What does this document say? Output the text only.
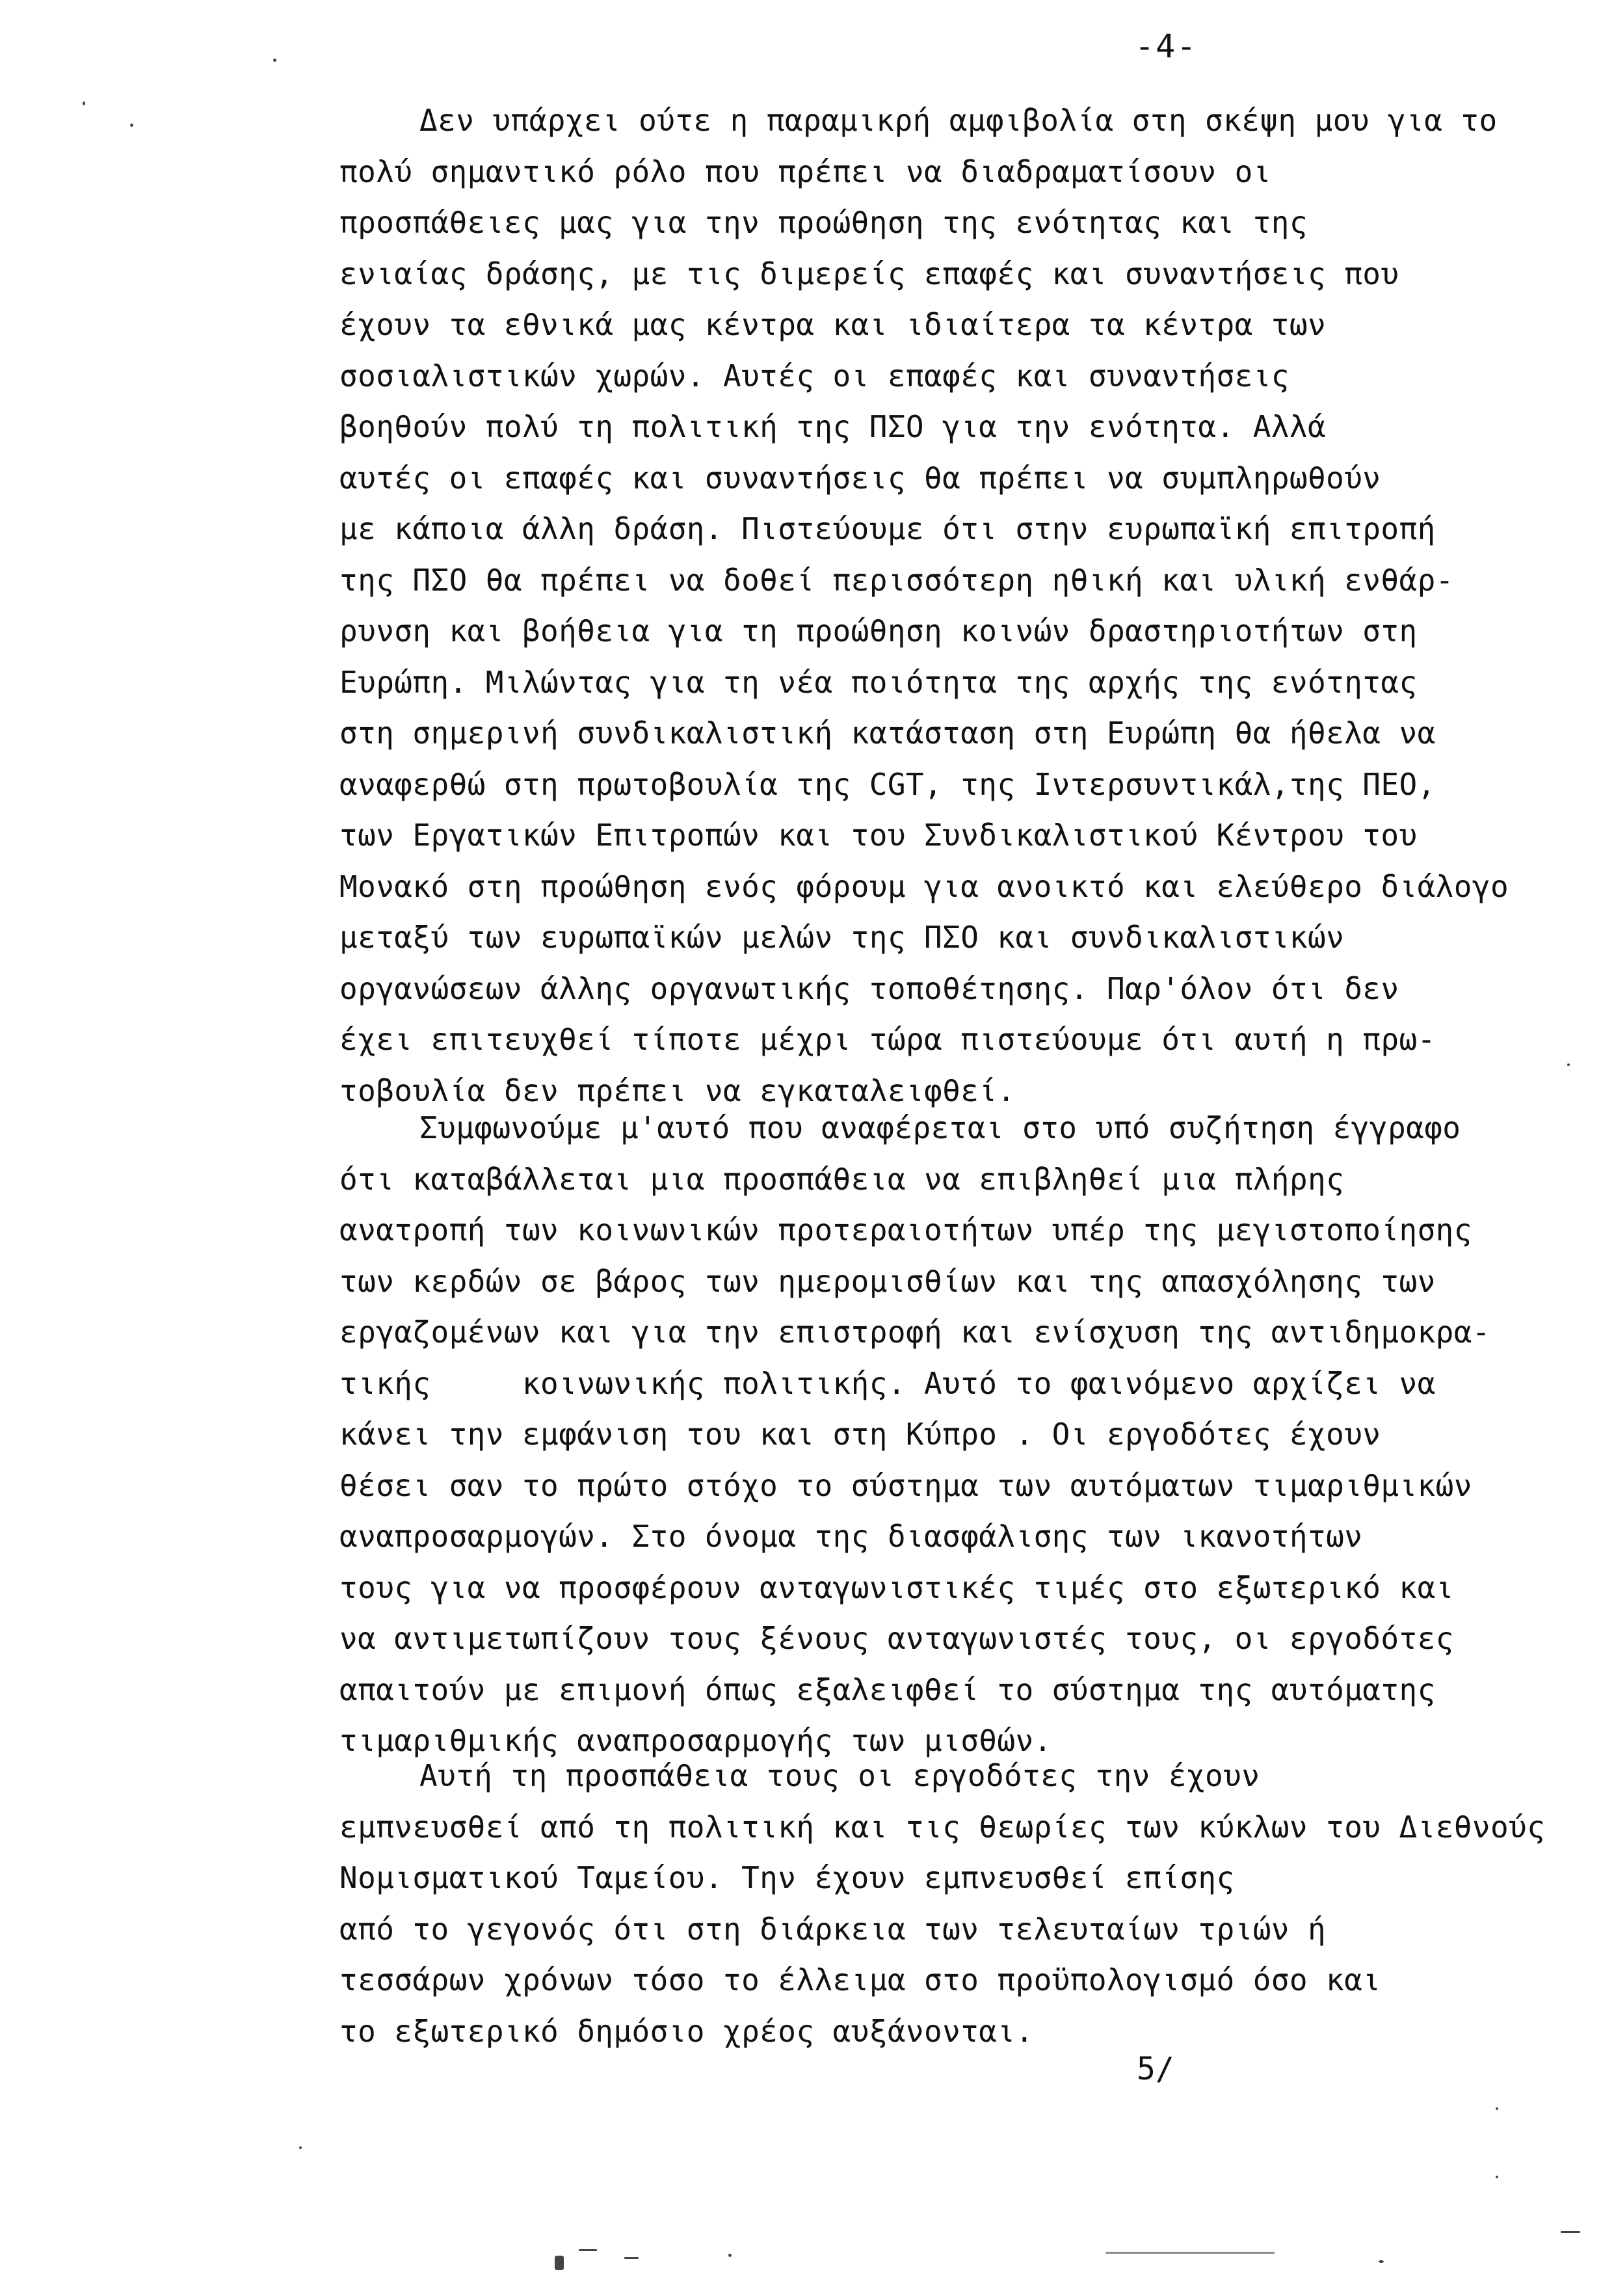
-4-
Δεν υπάρχει ούτε η παραμικρή αμφιβολία στη σκέψη μου για το
πολύ σημαντικό ρόλο που πρέπει να διαδραματίσουν οι
προσπάθειες μας για την προώθηση της ενότητας και της
ενιαίας δράσης, με τις διμερείς επαφές και συναντήσεις που
έχουν τα εθνικά μας κέντρα και ιδιαίτερα τα κέντρα των
σοσιαλιστικών χωρών. Αυτές οι επαφές και συναντήσεις
βοηθούν πολύ τη πολιτική της ΠΣΟ για την ενότητα. Αλλά
αυτές οι επαφές και συναντήσεις θα πρέπει να συμπληρωθούν
με κάποια άλλη δράση. Πιστεύουμε ότι στην ευρωπαϊκή επιτροπή
της ΠΣΟ θα πρέπει να δοθεί περισσότερη ηθική και υλική ενθάρ-
ρυνση και βοήθεια για τη προώθηση κοινών δραστηριοτήτων στη
Ευρώπη. Μιλώντας για τη νέα ποιότητα της αρχής της ενότητας
στη σημερινή συνδικαλιστική κατάσταση στη Ευρώπη θα ήθελα να
αναφερθώ στη πρωτοβουλία της CGT, της Ιντερσυντικάλ,της ΠΕΟ,
των Εργατικών Επιτροπών και του Συνδικαλιστικού Κέντρου του
Μονακό στη προώθηση ενός φόρουμ για ανοικτό και ελεύθερο διάλογο
μεταξύ των ευρωπαϊκών μελών της ΠΣΟ και συνδικαλιστικών
οργανώσεων άλλης οργανωτικής τοποθέτησης. Παρ'όλον ότι δεν
έχει επιτευχθεί τίποτε μέχρι τώρα πιστεύουμε ότι αυτή η πρω-
τοβουλία δεν πρέπει να εγκαταλειφθεί.
Συμφωνούμε μ'αυτό που αναφέρεται στο υπό συζήτηση έγγραφο
ότι καταβάλλεται μια προσπάθεια να επιβληθεί μια πλήρης
ανατροπή των κοινωνικών προτεραιοτήτων υπέρ της μεγιστοποίησης
των κερδών σε βάρος των ημερομισθίων και της απασχόλησης των
εργαζομένων και για την επιστροφή και ενίσχυση της αντιδημοκρα-
τικής     κοινωνικής πολιτικής. Αυτό το φαινόμενο αρχίζει να
κάνει την εμφάνιση του και στη Κύπρο . Οι εργοδότες έχουν
θέσει σαν το πρώτο στόχο το σύστημα των αυτόματων τιμαριθμικών
αναπροσαρμογών. Στο όνομα της διασφάλισης των ικανοτήτων
τους για να προσφέρουν ανταγωνιστικές τιμές στο εξωτερικό και
να αντιμετωπίζουν τους ξένους ανταγωνιστές τους, οι εργοδότες
απαιτούν με επιμονή όπως εξαλειφθεί το σύστημα της αυτόματης
τιμαριθμικής αναπροσαρμογής των μισθών.
Αυτή τη προσπάθεια τους οι εργοδότες την έχουν
εμπνευσθεί από τη πολιτική και τις θεωρίες των κύκλων του Διεθνούς
Νομισματικού Ταμείου. Την έχουν εμπνευσθεί επίσης
από το γεγονός ότι στη διάρκεια των τελευταίων τριών ή
τεσσάρων χρόνων τόσο το έλλειμα στο προϋπολογισμό όσο και
το εξωτερικό δημόσιο χρέος αυξάνονται.
5/
